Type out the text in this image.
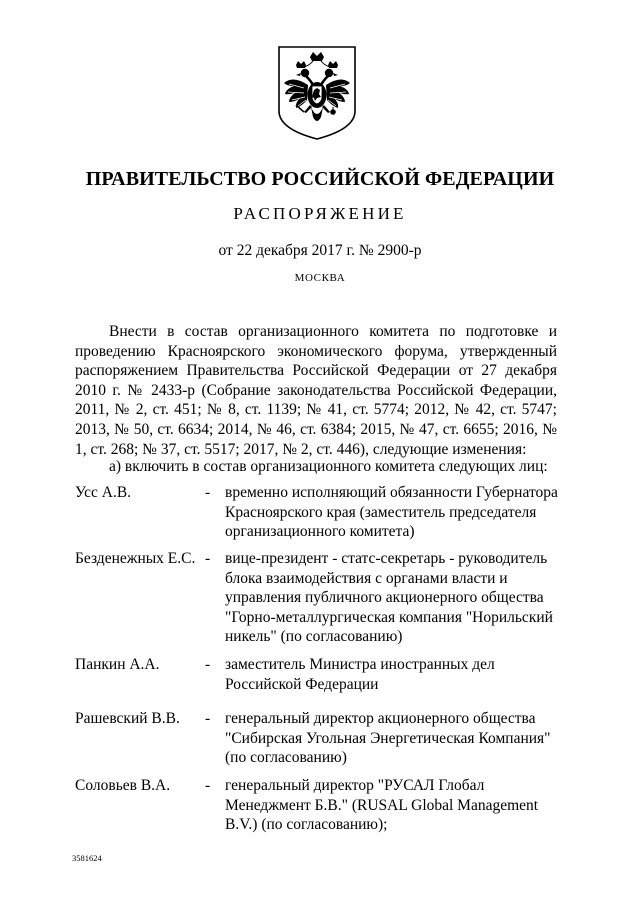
ПРАВИТЕЛЬСТВО РОССИЙСКОЙ ФЕДЕРАЦИИ
РАСПОРЯЖЕНИЕ
от 22 декабря 2017 г. № 2900-р
МОСКВА

Внести в состав организационного комитета по подготовке и проведению Красноярского экономического форума, утвержденный распоряжением Правительства Российской Федерации от 27 декабря 2010 г. № 2433-р (Собрание законодательства Российской Федерации, 2011, № 2, ст. 451; № 8, ст. 1139; № 41, ст. 5774; 2012, № 42, ст. 5747; 2013, № 50, ст. 6634; 2014, № 46, ст. 6384; 2015, № 47, ст. 6655; 2016, № 1, ст. 268; № 37, ст. 5517; 2017, № 2, ст. 446), следующие изменения:

а) включить в состав организационного комитета следующих лиц:

Усс А.В.	- временно исполняющий обязанности Губернатора
Красноярского края (заместитель председателя
организационного комитета)
Безденежных Е.С. - вице-президент - статс-секретарь - руководитель
блока взаимодействия с органами власти и
управления публичного акционерного общества
"Горно-металлургическая компания "Норильский
никель" (по согласованию)
Панкин А.А.	- заместитель Министра иностранных дел
Российской Федерации
Рашевский В.В.	- генеральный директор акционерного общества
"Сибирская Угольная Энергетическая Компания"
(по согласованию)
Соловьев В.А.	- генеральный директор "РУСАЛ Глобал
Менеджмент Б.В." (RUSAL Global Management
B.V.) (по согласованию);
3581624
